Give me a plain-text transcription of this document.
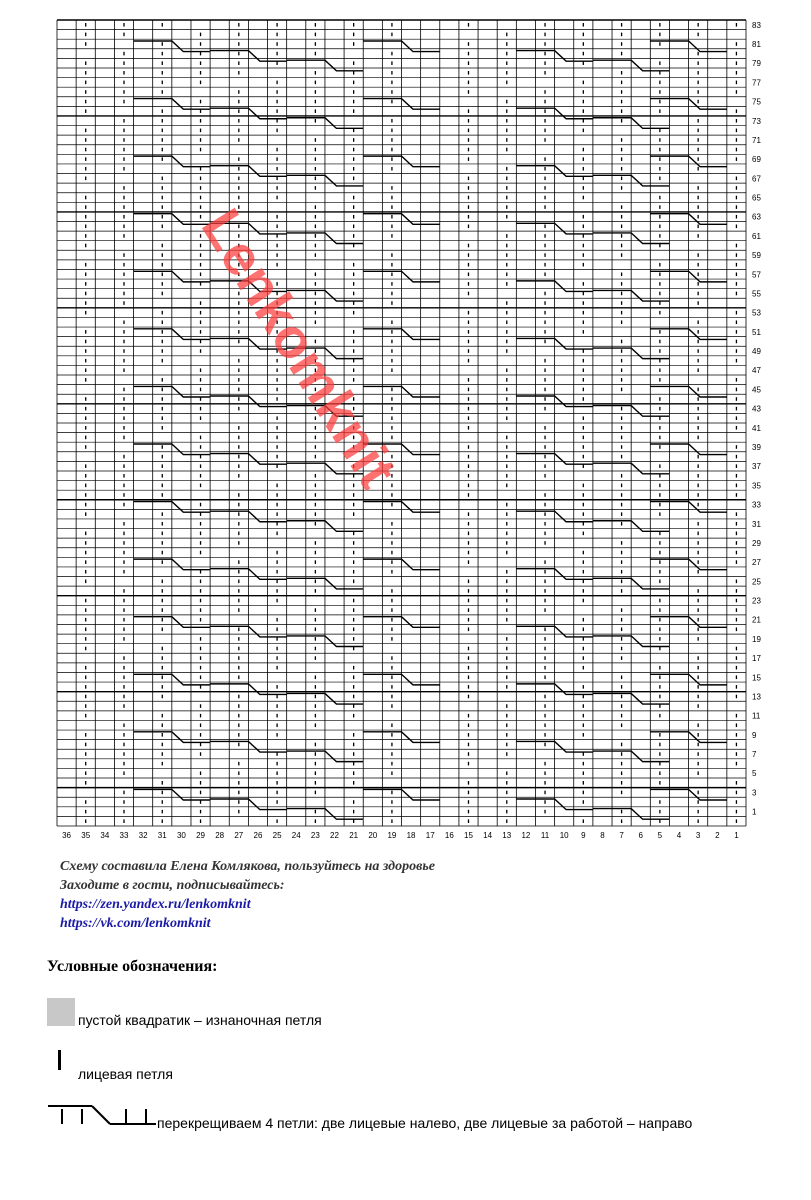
83
81
79
77
75
73
71
69
67
65
63
61
59
57
55
53
51
49
47
45
43
41
39
37
35
33
31
29
27
25
23
21
19
17
15
13
11
9
7
5
3
1
36 35 34 33 32 31 30 29 28 27 26 25 24 23 22 21 20 19 18 17 16 15 14 13 12 11 10 9 8 7 6 5 4 3 2 1
Lenkomknit
Схему составила Елена Комлякова, пользуйтесь на здоровье
Заходите в гости, подписывайтесь:
https://zen.yandex.ru/lenkomknit
https://vk.com/lenkomknit
Условные обозначения:
пустой квадратик – изнаночная петля
лицевая петля
перекрещиваем 4 петли: две лицевые налево, две лицевые за работой – направо
